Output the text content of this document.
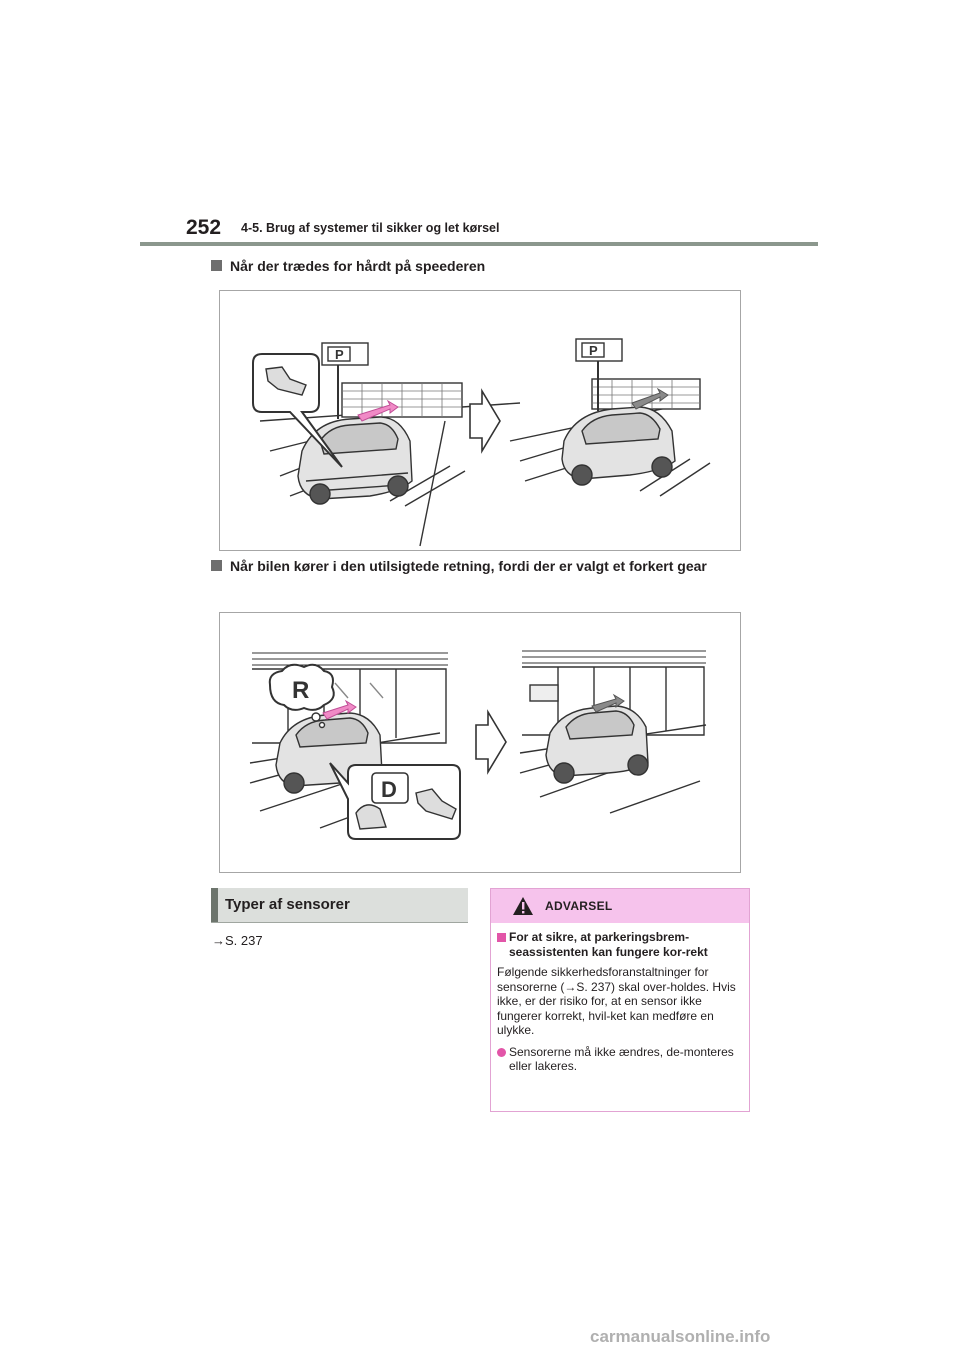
252 4-5. Brug af systemer til sikker og let kørsel
Når der trædes for hårdt på speederen
P	P
Når bilen kører i den utilsigtede retning, fordi der er valgt et forkert gear
R
D
Typer af sensorer
→S. 237
ADVARSEL
For at sikre, at parkeringsbrem-seassistenten kan fungere kor-rekt
Følgende sikkerhedsforanstaltninger for sensorerne (→S. 237) skal over-holdes. Hvis ikke, er der risiko for, at en sensor ikke fungerer korrekt, hvil-ket kan medføre en ulykke.
Sensorerne må ikke ændres, de-monteres eller lakeres.
carmanualsonline.info
